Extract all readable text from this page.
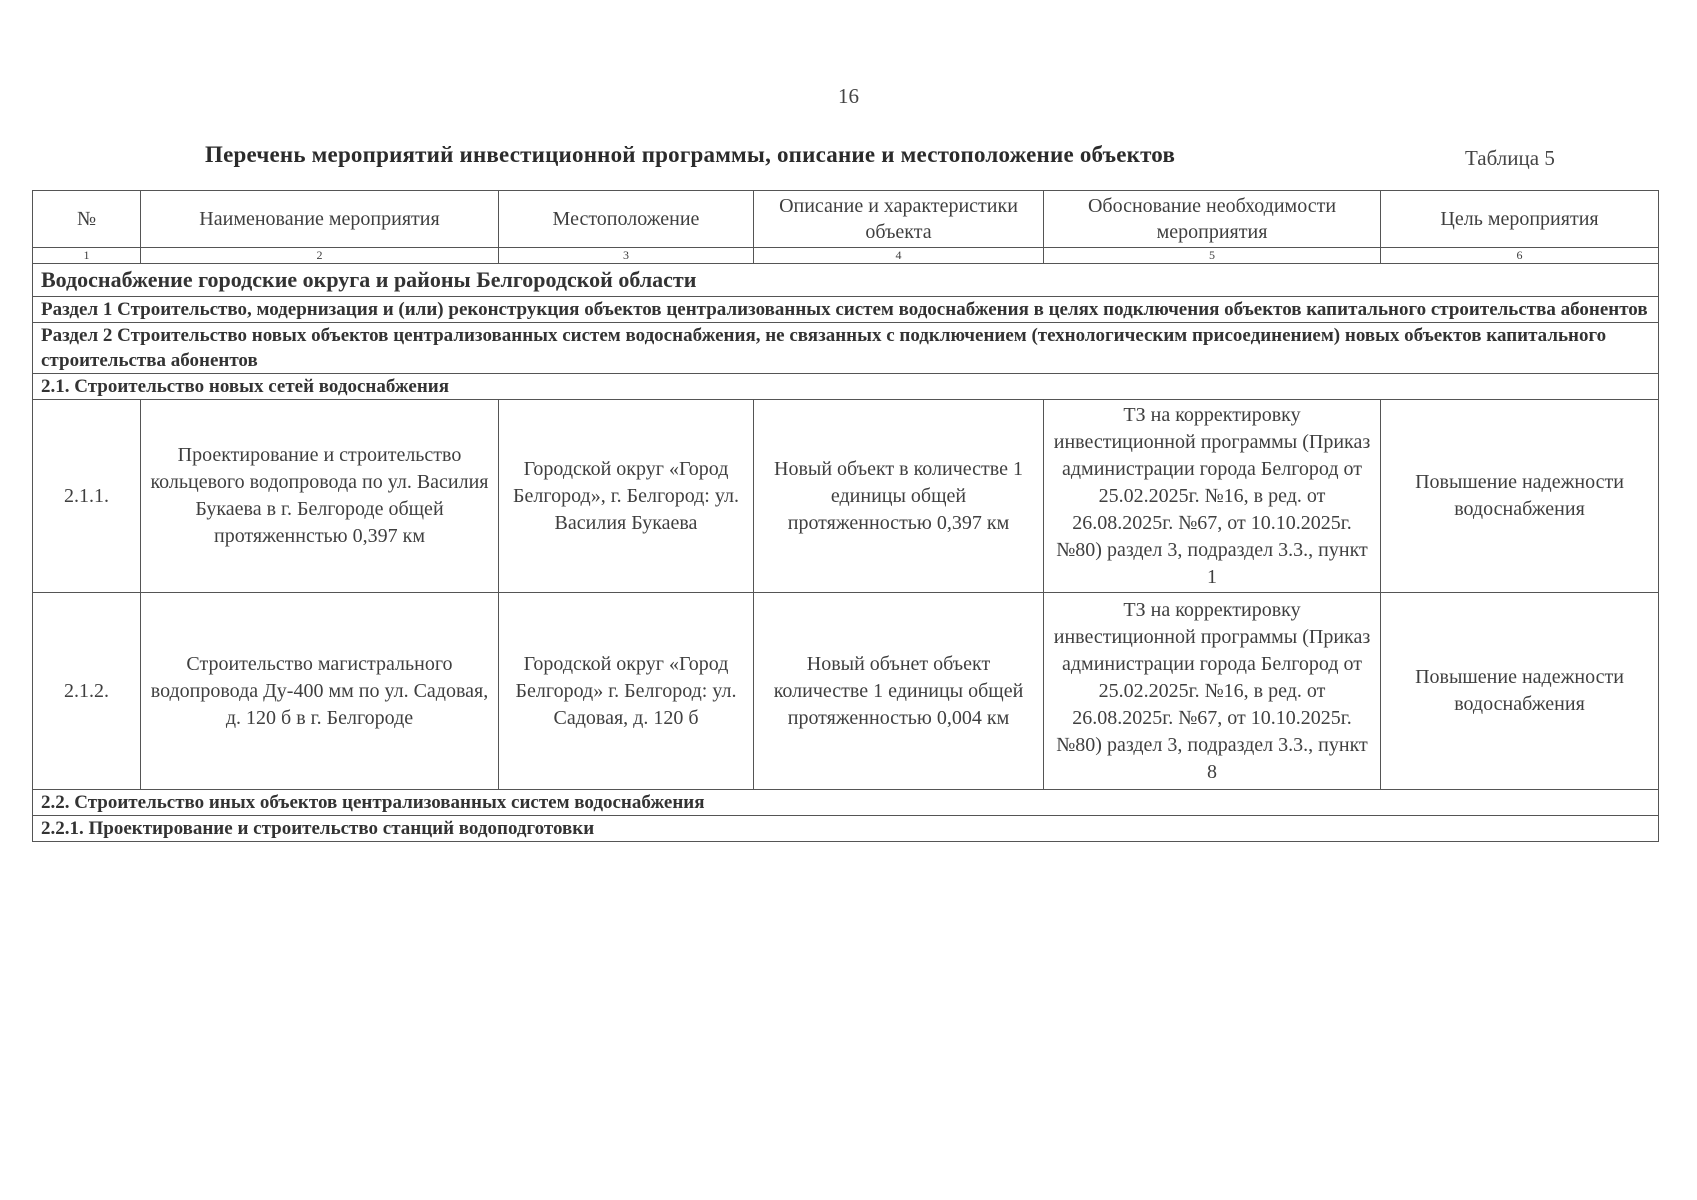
16
Перечень мероприятий инвестиционной программы, описание и местоположение объектов	Таблица 5
№	Наименование мероприятия	Местоположение	Описание и характеристики объекта	Обоснование необходимости мероприятия	Цель мероприятия
1	2	3	4	5	6
Водоснабжение городские округа и районы Белгородской области					
Раздел 1 Строительство, модернизация и (или) реконструкция объектов централизованных систем водоснабжения в целях подключения объектов капитального строительства абонентов					
Раздел 2 Строительство новых объектов централизованных систем водоснабжения, не связанных с подключением (технологическим присоединением) новых объектов капитального строительства абонентов					
2.1. Строительство новых сетей водоснабжения					
2.1.1.	Проектирование и строительство кольцевого водопровода по ул. Василия Букаева в г. Белгороде общей протяженнстью 0,397 км	Городской округ «Город Белгород», г. Белгород: ул. Василия Букаева	Новый объект в количестве 1 единицы общей протяженностью 0,397 км	ТЗ на корректировку инвестиционной программы (Приказ администрации города Белгород от 25.02.2025г. №16, в ред. от 26.08.2025г. №67, от 10.10.2025г. №80) раздел 3, подраздел 3.3., пункт 1	Повышение надежности водоснабжения
2.1.2.	Строительство магистрального водопровода Ду-400 мм по ул. Садовая, д. 120 б в г. Белгороде	Городской округ «Город Белгород» г. Белгород: ул. Садовая, д. 120 б	Новый обънет объект количестве 1 единицы общей протяженностью 0,004 км	ТЗ на корректировку инвестиционной программы (Приказ администрации города Белгород от 25.02.2025г. №16, в ред. от 26.08.2025г. №67, от 10.10.2025г. №80) раздел 3, подраздел 3.3., пункт 8	Повышение надежности водоснабжения
2.2. Строительство иных объектов централизованных систем водоснабжения					
2.2.1. Проектирование и строительство станций водоподготовки					
